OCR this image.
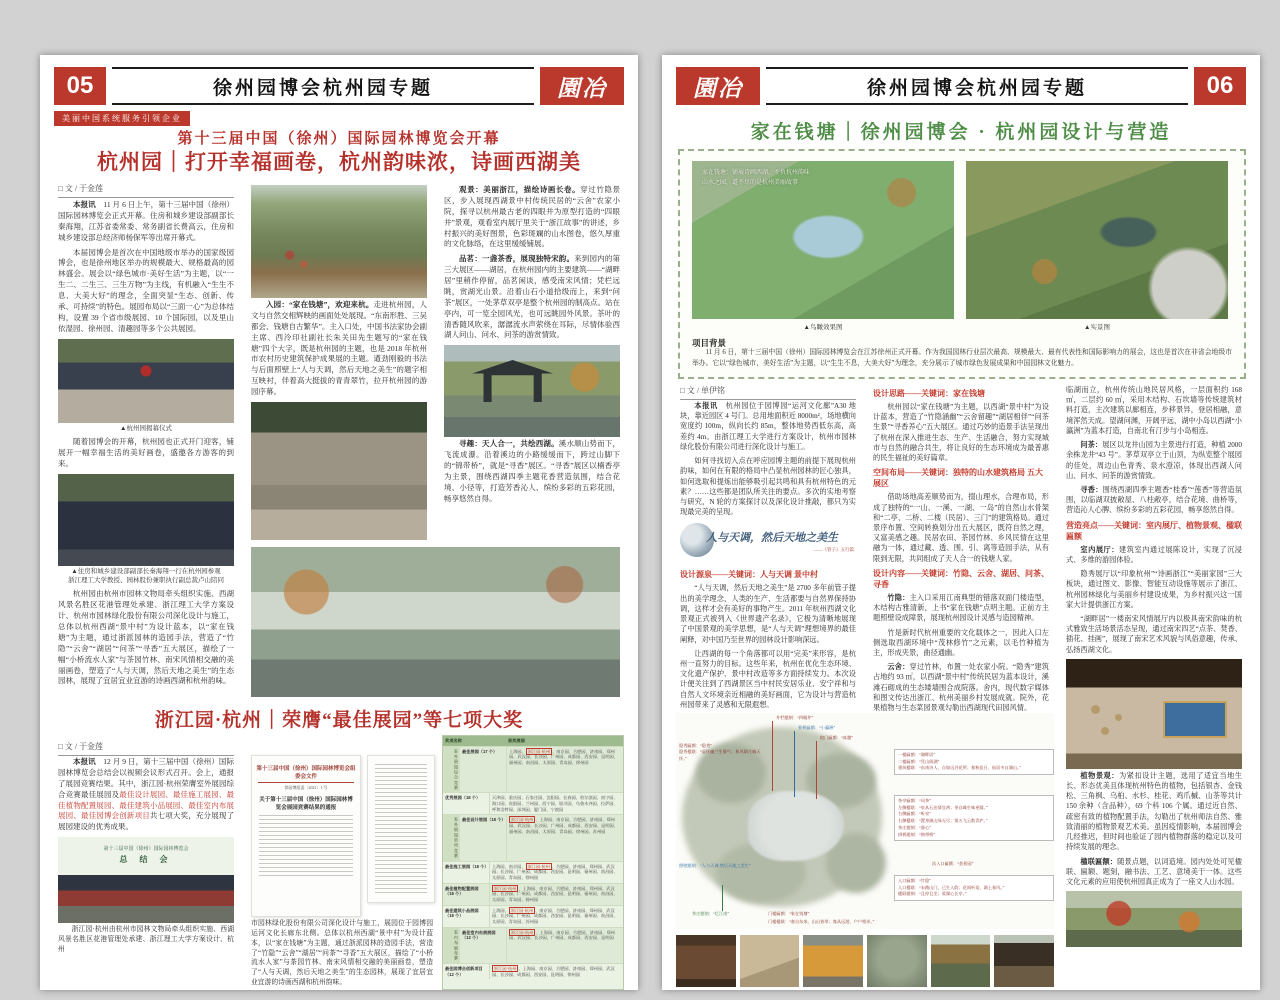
05	徐州园博会杭州园专题	園冶
美丽中国系统服务引领企业
第十三届中国（徐州）国际园林博览会开幕
杭州园｜打开幸福画卷，杭州韵味浓，诗画西湖美
□ 文 / 于金莲
本报讯　11 月 6 日上午，第十三届中国（徐州）国际园林博览会正式开幕。住房和城乡建设部副部长秦海翔，江苏省委常委、常务副省长费高云，住房和城乡建设部总经济师杨保军等出席开幕式。
本届园博会是首次在中国地级市举办的国家级园博会，也是徐州地区举办的规模最大、规格最高的园林盛会。展会以“绿色城市·美好生活”为主题，以“一生二、二生三、三生万物”为主线，有机融入“生生不息、大美大好”的理念，全面突显“生态、创新、传承、可持续”的特色。展园布局以“三面一心”为总体结构，设置 39 个省市级展园、10 个国际园，以及里山依湿园、徐州园、清趣园等多个公共展园。
▲杭州园揭幕仪式
随着园博会的开幕，杭州园也正式开门迎客，铺展开一幅幸福生活的美好画卷，盛邀各方游客的到来。
▲住房和城乡建设部副部长秦海翔一行在杭州园参观
浙江理工大学教授、园林股份兼职执行副总裁卢山陪同
杭州园由杭州市园林文物局牵头组织实施、西湖风景名胜区花港管理处承建、浙江理工大学方案设计、杭州市园林绿化股份有限公司深化设计与施工，总体以杭州西湖“景中村”为设计蓝本，以“家在钱塘”为主题，通过浙派园林的造园手法，营造了“竹隐”“云舍”“湖居”“问茶”“寻香”五大展区，描绘了一幅“小桥流水人家”与茶园竹林、南宋风情相交融的美丽画卷，塑造了“人与天调，然后天地之美生”的生态园林，展现了宜居宜业宜游的诗画西湖和杭州韵味。
入园：“家在钱塘”，欢迎来杭。走进杭州园，人文与自然交相辉映的画面处处展现。“东南形胜、三吴都会、钱塘自古繁华”。主入口处，中国书法家协会副主席、西泠印社副社长朱关田先生题写的“家在钱塘”四个大字，既是杭州园的主题，也是 2018 年杭州市农村历史建筑保护成果展的主题。遒劲刚毅的书法与后面照壁上“人与天调，然后天地之美生”的题字相互映衬，伴着高大挺拔的青青翠竹，拉开杭州园的游园序幕。
观景：美丽浙江，描绘诗画长卷。穿过竹隐景区，步入展现西湖景中村传统民居的“云舍”农家小院，探寻以杭州最古老的四眼井为原型打造的“四眼井”景观，观看室内展厅里关于“浙江故事”的讲述，乡村振兴的美好图景，色彩斑斓的山水图卷，悠久厚重的文化脉络，在这里缓缓铺展。
品茗：一盏茶香，展现独特宋韵。来到园内的第三大展区——湖居，在杭州园内的主要建筑——“湖畔居”里稍作停留，品茗闲谈，感受南宋风情；凭栏远眺，赏湖光山景。沿着山石小道拾级而上，来到“问茶”展区，一处茅草双亭是整个杭州园的制高点。站在亭内，可一览全园风光，也可远眺园外风景。茶叶的清香随风吹来，潺潺流水声萦绕在耳际，尽情体验西湖人问山、问水、问茶的游赏情致。
寻趣：天人合一，共绘西湖。溪水顺山势而下，飞流成瀑。沿着溪边的小路缓缓而下，跨过山脚下的“锦带桥”，就是“寻香”展区。“寻香”展区以楠香亭为主景，围绕西湖四季主题花香营造氛围，结合花境、小径等，打造芳香沁人、缤纷多彩的五彩花园，畅享悠然自得。
浙江园·杭州｜荣膺“最佳展园”等七项大奖
□ 文 / 于金莲
本报讯　12 月 9 日，第十三届中国（徐州）国际园林博览会总结会以视频会议形式召开。会上，通报了展园竞赛结果。其中，浙江园·杭州荣膺室外展园综合竞赛最佳展园及最佳设计展园、最佳施工展园、最佳植物配置展园、最佳建筑小品展园、最佳室内布展展园、最佳园博会创新项目共七项大奖，充分展现了展园建设的优秀成果。
第十三届中国（徐州）国际园林博览会
总 结 会
浙江园·杭州由杭州市园林文物局牵头组织实施、西湖风景名胜区花港管理处承建、浙江理工大学方案设计、杭州
第十三届中国（徐州）国际园林博览会组委会文件
徐园博组委〔2021〕1 号
关于第十三届中国（徐州）国际园林博览会展园竞赛结果的通报
市园林绿化股份有限公司深化设计与施工，展园位于园博园运河文化长廊东北侧。总体以杭州西湖“景中村”为设计蓝本，以“家在钱塘”为主题，通过浙派园林的造园手法，营造了“竹隐”“云舍”“湖居”“问茶”“寻香”五大展区，描绘了“小桥流水人家”与茶园竹林、南宋风情相交融的美丽画卷，塑造了“人与天调，然后天地之美生”的生态园林，展现了宜居宜业宜游的诗画西湖和杭州韵味。
奖项名称	获奖展园
室外展园综合竞赛 最佳展园（17 个）	上海园、 浙江园·杭州 、南京园、合肥园、济南园、郑州园、武汉园、长沙园、广州园、成都园、西安园、昆明园、福州园、南昌园、太原园、青岛园、徐州园
优秀展园（18 个）	天津园、重庆园、石家庄园、沈阳园、长春园、哈尔滨园、南宁园、海口园、贵阳园、兰州园、西宁园、银川园、乌鲁木齐园、拉萨园、呼和浩特园、深圳园、厦门园、宁波园
室外展园单项竞赛 最佳设计展园（18 个）	浙江园·杭州 、上海园、南京园、合肥园、济南园、郑州园、武汉园、长沙园、广州园、成都园、西安园、昆明园、福州园、南昌园、太原园、青岛园、徐州园、苏州园
最佳施工展园（18 个） 上海园、南京园、 浙江园·杭州 、合肥园、济南园、郑州园、武汉园、长沙园、广州园、成都园、西安园、昆明园、福州园、南昌园、太原园、青岛园、徐州园
最佳植物配置展园（18 个）
浙江园·杭州 、上海园、南京园、合肥园、济南园、郑州园、武汉园、长沙园、广州园、成都园、西安园、昆明园、福州园、南昌园、太原园、青岛园、扬州园
最佳建筑小品展园（18 个）
上海园、 浙江园·杭州 、南京园、合肥园、济南园、郑州园、武汉园、长沙园、广州园、成都园、西安园、昆明园、福州园、南昌园、太原园、青岛园、苏州园
室内布展竞赛 最佳室内布展展园（12 个）
浙江园·杭州 、上海园、南京园、合肥园、济南园、郑州园、武汉园、长沙园、广州园、成都园、西安园、昆明园
最佳园博会创新项目（12 个）
浙江园·杭州 、上海园、南京园、合肥园、济南园、郑州园、武汉园、长沙园、成都园、西安园、昆明园、徐州园
園冶	徐州园博会杭州园专题	06
家在钱塘｜徐州园博会 · 杭州园设计与营造
家在钱塘：铺展诗画西湖，不负杭州韵味
山水之园，道不尽的是杭州美丽故事
▲鸟瞰效果图	▲实景图
项目背景
11 月 6 日，第十三届中国（徐州）国际园林博览会在江苏徐州正式开幕。作为我国园林行业层次最高、规模最大、最有代表性和国际影响力的展会，这也是首次在非省会地级市举办。它以“绿色城市，美好生活”为主题，以“生生不息，大美大好”为理念，充分展示了城市绿色发展成果和中国园林文化魅力。
□ 文 / 单伊铭
本报讯　杭州园位于园博园“运河文化廊”A30 地块，靠近园区 4 号门。总用地面积近 8000m²，场地横向宽度约 100m，纵向长约 85m，整体地势西低东高，高差约 4m。由浙江理工大学进行方案设计，杭州市园林绿化股份有限公司进行深化设计与施工。
如何寻找切入点在呼应园博主题的前提下展现杭州韵味，如何在有限的格局中凸显杭州园林的匠心独具，如何选取和提炼出能够吸引起共鸣和具有杭州特色的元素？……这些都是团队所关注的要点。多次的实地考察与研究，N 轮的方案探讨以及深化设计推敲，都只为实现最完美的呈现。
人与天调，然后天地之美生
——《管子》五行篇
设计源泉——关键词：人与天调 景中村
“人与天调，然后天地之美生”是 2700 多年前管子提出的美学理念，人类的生产、生活都要与自然界保持协调，这样才会有美好的事物产生。2011 年杭州西湖文化景观正式被列入《世界遗产名录》，它极为清晰地展现了中国景观的美学思想，是“人与天调”理想境界的最佳阐释，对中国乃至世界的园林设计影响深远。
让西湖的每一个角落都可以用“完美”来形容，是杭州一直努力的目标。这些年来，杭州在优化生态环境、文化遗产保护、景中村改造等多方面持续发力。本次设计便关注到了西湖景区当中村民安居乐业、安宁祥和与自然人文环境亲近相融的美好画面，它为设计与营造杭州园带来了灵感和无限遐想。
设计思路——关键词：家在钱塘
杭州园以“家在钱塘”为主题，以西湖“景中村”为设计蓝本，营造了“竹隐涵幽”“云舍留趣”“湖居相伴”“问茶生景”“寻香养心”五大展区。通过巧妙的造景手法呈现出了杭州在深入推进生态、生产、生活融合，努力实现城市与自然的融合共生，将让良好的生态环境成为最普惠的民生福祉的美好篇章。
空间布局——关键词：独特的山水建筑格局 五大展区
借助场地高差顺势而为，掇山理水，合理布局，形成了独特的“一山、一溪、一湖、一岛”的自然山水骨架和“二亭、二桥、二楼（民居）、三门”的建筑格局。通过景序布置、空间转换划分出五大展区，既符自然之理，又富美感之趣。民居农田、茶园竹林、乡风民情在这里融为一体，通过藏、透、围、引、离等造园手法，从有限到无限，共同组成了天人合一的钱塘人家。
设计内容——关键词：竹隐、云舍、湖居、问茶、寻香
竹隐：主入口采用江南典型的错落双面门楼造型，木结构古雅清新，上书“家在钱塘”点明主题。正前方主题照壁设成障景，展现杭州园设计灵感与造园精神。
竹是新时代杭州重要的文化载体之一，因此入口左侧选取西湖环境中“茂林修竹”之元素，以毛竹种植为主，形成夹景，曲径通幽。
云舍：穿过竹林，布置一处农家小院。“隐秀”建筑占地约 93 ㎡，以西湖“景中村”传统民居为蓝本设计，溪滩石砌成的生态矮墙围合成院落。舍内，现代数字媒体和图文传达出浙江、杭州美丽乡村发展成就。院外，花果植物与生态菜园景观勾勒出西湖现代田园风情。
临湖而立，杭州传统山地民居风格，一层面积约 168 ㎡，二层约 60 ㎡，采用木结构、石坎墙等传统建筑材料打造，主次建筑以廊相连，步移景异，登居相融，意境浑然天成。望湖问渊，开阔平远，湖中小岛以西湖“小瀛洲”为蓝本打造，自南北有汀步与小岛相连。
问茶：展区以龙井山园为主景进行打造，种植 2000 余株龙井“43 号”。茅草双亭立于山顶，为纵览整个展园的佳处，周边山色青秀、泉水澄凉，体现出西湖人问山、问水、问茶的游赏情致。
寻香：围绕西湖四季主题香“桂香”“莲香”等营造氛围，以临湖双披敞屋、八柱敞亭，结合花境、曲桥等，营造沁人心脾、缤纷多彩的五彩花园，畅享悠然自得。
营造亮点——关键词：室内展厅、植物景观、楹联匾额
室内展厅：建筑室内通过展陈设计，实现了沉浸式、多维的游园体验。
隐秀展厅以“印象杭州”“诗画浙江”“美丽家园”三大板块，通过图文、影像、智能互动设施等展示了浙江、杭州园林绿化与美丽乡村建设成果，为乡村振兴这一国家大计提供浙江方案。
“湖畔居”一楼南宋风情展厅内以极具南宋韵味的杭式雅致生活场景活态呈现，通过南宋四艺“点茶、焚香、插花、挂画”，展现了南宋艺术风貌与风俗意趣，传承、弘扬西湖文化。
植物景观：为紧扣设计主题，选用了适宜当地生长、形态优美且体现杭州特色的植物，包括银杏、金钱松、三角枫、乌桕、水杉、桂花、鸡爪槭、山茶等共计 150 余种（含品种），69 个科 106 个属。通过近自然、疏密有致的植物配置手法，勾勒出了杭州师法自然、雅致清丽的植物景观艺术美。虽因疫情影响，本届园博会几经推迟，但时间也验证了园内植物群落的稳定以及可持续发展的理念。
楹联匾额：随景点题，以词造境。园内处处可见楹联、匾额、题刻，融书法、工艺、意境美于一体。这些文化元素的应用使杭州园真正成为了一座文人山水园。
井栏题刻：“四眼井”
景桥匾额：“小瀛洲”
院门匾额：“真趣”
隐秀匾额：“隐秀”
隐秀楹联：“虚怀幽兰生静气；和风朗月喻天怀。”
一楼匾额：“湖畔居”
二楼匾额：“凭山阅湖”
建筑楹联：“东南诗人，自如远谷花所；春秋佳日，仙居多自湖山。”
茶亭匾额：“问茶”
左侧楹联：“泉从石出情宜冽；茶自峰生味更圆。”
右侧匾额：“听泉”
右侧楹联：“置身湖山绿无尽；第五飞云数青庐。”
茶庄题刻：“涤心”
拱桥题刻：“锦带桥”
入口匾额：“竹隐”
入口楹联：“未踏山门，已生入韵；花间听语，湖上春风。”
楹联题刻：“且停且坐；爱湖心长亭。”
照壁题刻：“人与天调 然后天地之美生”
茶庄题刻：“忆江南”	门楼匾额：“家在钱塘”
门楼楹联：“春自东来，山山皆翠；客从远游，户户相亲。”
次入口匾额：“荟景园”
